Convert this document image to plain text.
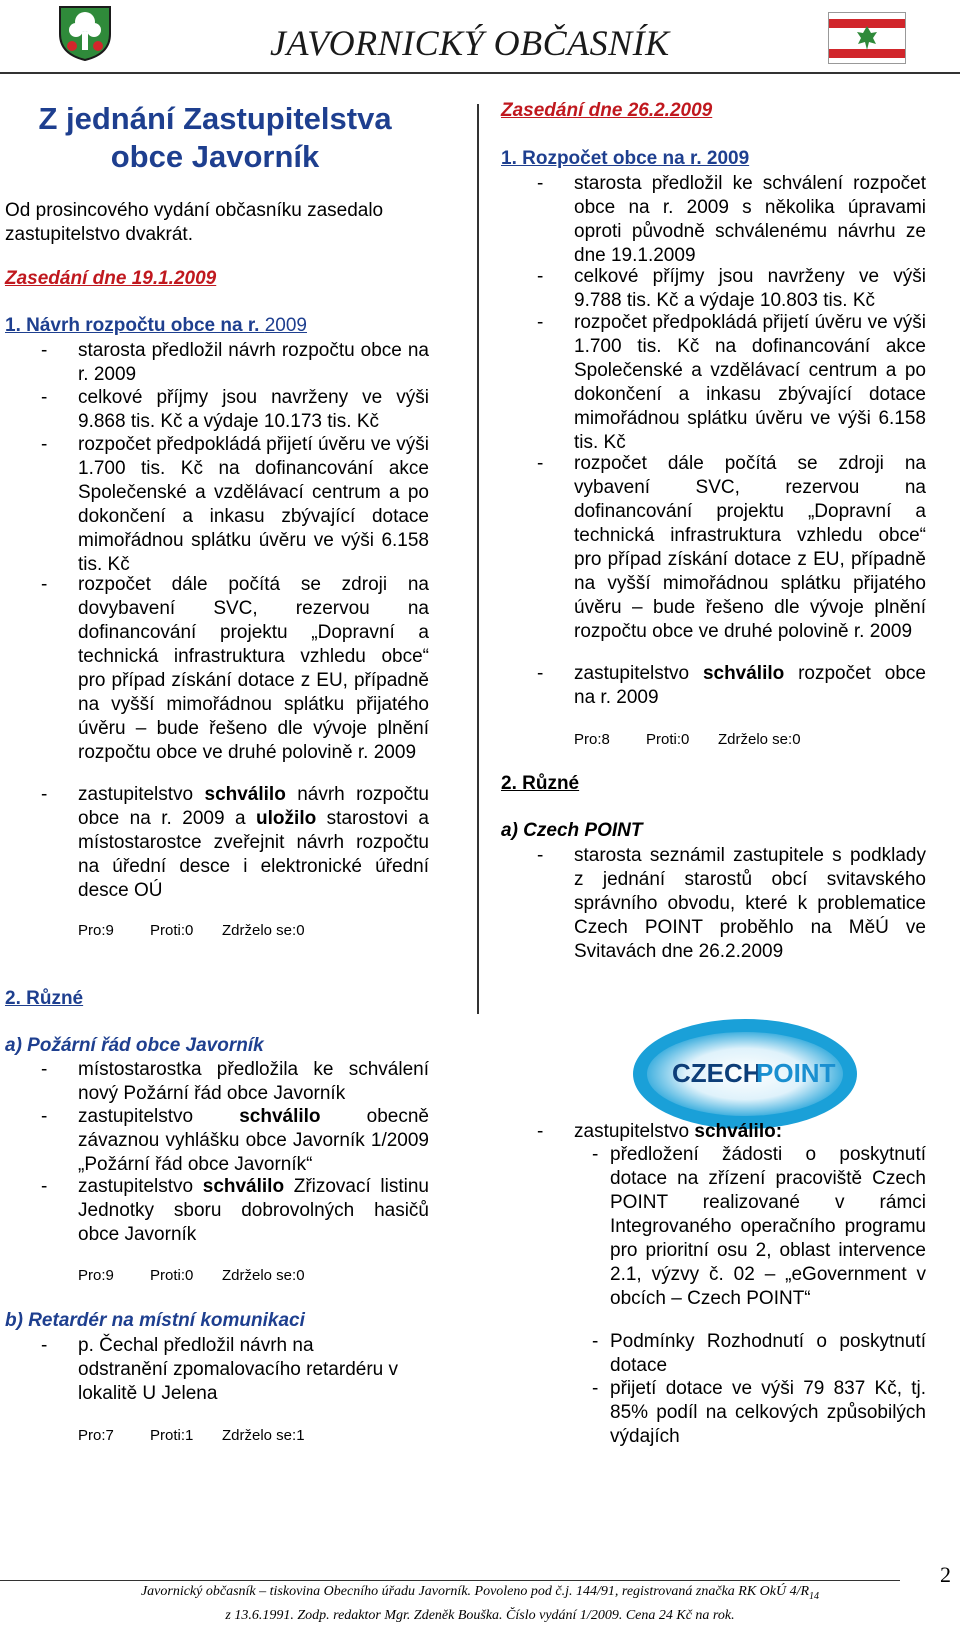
JAVORNICKÝ OBČASNÍK
Z jednání Zastupitelstva
obce Javorník
Od prosincového vydání občasníku zasedalo
zastupitelstvo dvakrát.
Zasedání dne 19.1.2009
1. Návrh rozpočtu obce na r. 2009
- starosta předložil návrh rozpočtu obce na r. 2009
- celkové příjmy jsou navrženy ve výši 9.868 tis. Kč a výdaje 10.173 tis. Kč
- rozpočet předpokládá přijetí úvěru ve výši 1.700 tis. Kč na dofinancování akce Společenské a vzdělávací centrum a po dokončení a inkasu zbývající dotace mimořádnou splátku úvěru ve výši 6.158 tis. Kč
- rozpočet dále počítá se zdroji na dovybavení SVC, rezervou na dofinancování projektu „Dopravní a technická infrastruktura vzhledu obce“ pro případ získání dotace z EU, případně na vyšší mimořádnou splátku přijatého úvěru – bude řešeno dle vývoje plnění rozpočtu obce ve druhé polovině r. 2009
- zastupitelstvo schválilo návrh rozpočtu obce na r. 2009 a uložilo starostovi a místostarostce zveřejnit návrh rozpočtu na úřední desce i elektronické úřední desce OÚ
Pro:9 Proti:0 Zdrželo se:0
2. Různé
a) Požární řád obce Javorník
- místostarostka předložila ke schválení nový Požární řád obce Javorník
- zastupitelstvo schválilo obecně závaznou vyhlášku obce Javorník 1/2009 „Požární řád obce Javorník“
- zastupitelstvo schválilo Zřizovací listinu Jednotky sboru dobrovolných hasičů obce Javorník
Pro:9 Proti:0 Zdrželo se:0
b) Retardér na místní komunikaci
- p. Čechal předložil návrh na odstranění zpomalovacího retardéru v lokalitě U Jelena
Pro:7 Proti:1 Zdrželo se:1
Zasedání dne 26.2.2009
1. Rozpočet obce na r. 2009
- starosta předložil ke schválení rozpočet obce na r. 2009 s několika úpravami oproti původně schválenému návrhu ze dne 19.1.2009
- celkové příjmy jsou navrženy ve výši 9.788 tis. Kč a výdaje 10.803 tis. Kč
- rozpočet předpokládá přijetí úvěru ve výši 1.700 tis. Kč na dofinancování akce Společenské a vzdělávací centrum a po dokončení a inkasu zbývající dotace mimořádnou splátku úvěru ve výši 6.158 tis. Kč
- rozpočet dále počítá se zdroji na vybavení SVC, rezervou na dofinancování projektu „Dopravní a technická infrastruktura vzhledu obce“ pro případ získání dotace z EU, případně na vyšší mimořádnou splátku přijatého úvěru – bude řešeno dle vývoje plnění rozpočtu obce ve druhé polovině r. 2009
- zastupitelstvo schválilo rozpočet obce na r. 2009
Pro:8 Proti:0 Zdrželo se:0
2. Různé
a) Czech POINT
- starosta seznámil zastupitele s podklady z jednání starostů obcí svitavského správního obvodu, které k problematice Czech POINT proběhlo na MěÚ ve Svitavách dne 26.2.2009
CZECH
POINT
- zastupitelstvo schválilo:
- předložení žádosti o poskytnutí dotace na zřízení pracoviště Czech POINT realizované v rámci Integrovaného operačního programu pro prioritní osu 2, oblast intervence 2.1, výzvy č. 02 – „eGovernment v obcích – Czech POINT“
- Podmínky Rozhodnutí o poskytnutí dotace
- přijetí dotace ve výši 79 837 Kč, tj. 85% podíl na celkových způsobilých výdajích
2
Javornický občasník – tiskovina Obecního úřadu Javorník. Povoleno pod č.j. 144/91, registrovaná značka RK OkÚ $4/R_{14}$
z 13.6.1991. Zodp. redaktor Mgr. Zdeněk Bouška. Číslo vydání 1/2009. Cena 24 Kč na rok.
